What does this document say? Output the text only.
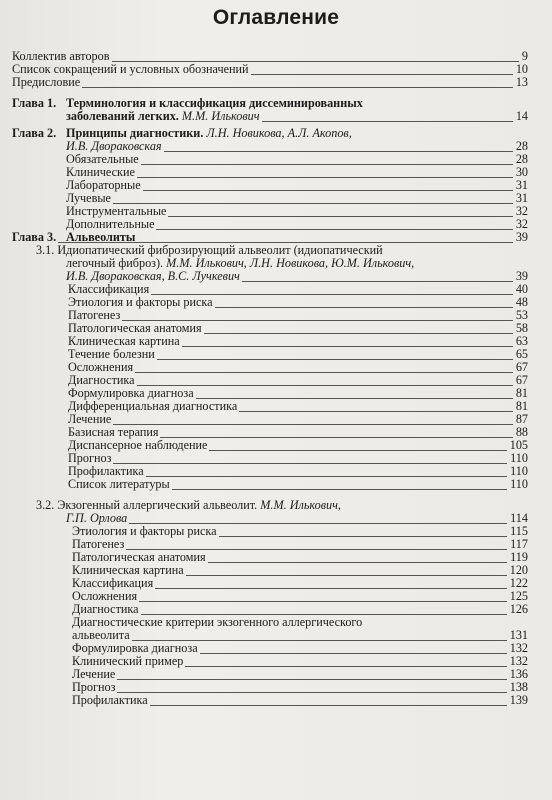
Оглавление
Коллектив авторов	9
Список сокращений и условных обозначений	10
Предисловие	13
Глава 1. Терминология и классификация диссеминированных
заболеваний легких. М.М. Илькович	14
Глава 2. Принципы диагностики. Л.Н. Новикова, А.Л. Акопов,
И.В. Дворaковская	28
Обязательные	28
Клинические	30
Лабораторные	31
Лучевые	31
Инструментальные	32
Дополнительные	32
Глава 3. Альвеолиты	39
3.1. Идиопатический фиброзирующий альвеолит (идиопатический
легочный фиброз). М.М. Илькович, Л.Н. Новикова, Ю.М. Илькович,
И.В. Двораковская, В.С. Лучкевич	39
Классификация	40
Этиология и факторы риска	48
Патогенез	53
Патологическая анатомия	58
Клиническая картина	63
Течение болезни	65
Осложнения	67
Диагностика	67
Формулировка диагноза	81
Дифференциальная диагностика	81
Лечение	87
Базисная терапия	88
Диспансерное наблюдение	105
Прогноз	110
Профилактика	110
Список литературы	110
3.2. Экзогенный аллергический альвеолит. М.М. Илькович,
Г.П. Орлова	114
Этиология и факторы риска	115
Патогенез	117
Патологическая анатомия	119
Клиническая картина	120
Классификация	122
Осложнения	125
Диагностика	126
Диагностические критерии экзогенного аллергического
альвеолита	131
Формулировка диагноза	132
Клинический пример	132
Лечение	136
Прогноз	138
Профилактика	139
